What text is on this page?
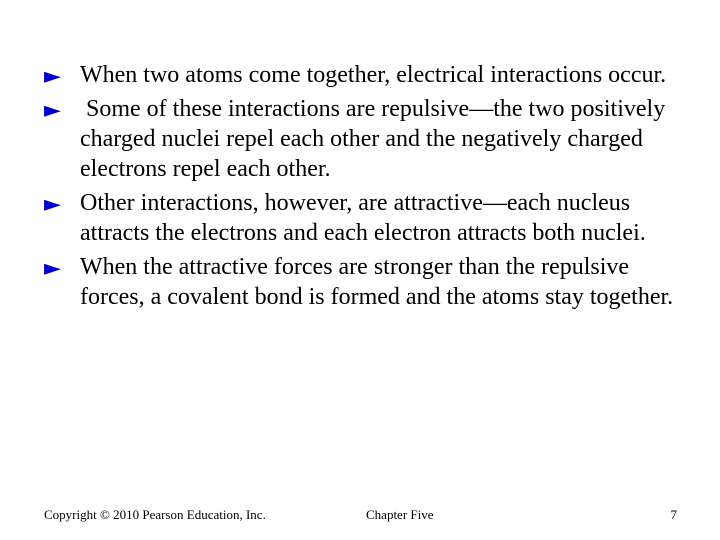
► When two atoms come together, electrical interactions occur.
► Some of these interactions are repulsive—the two positively charged nuclei repel each other and the negatively charged electrons repel each other.
► Other interactions, however, are attractive—each nucleus attracts the electrons and each electron attracts both nuclei.
► When the attractive forces are stronger than the repulsive forces, a covalent bond is formed and the atoms stay together.
Copyright © 2010 Pearson Education, Inc.	Chapter Five	7
